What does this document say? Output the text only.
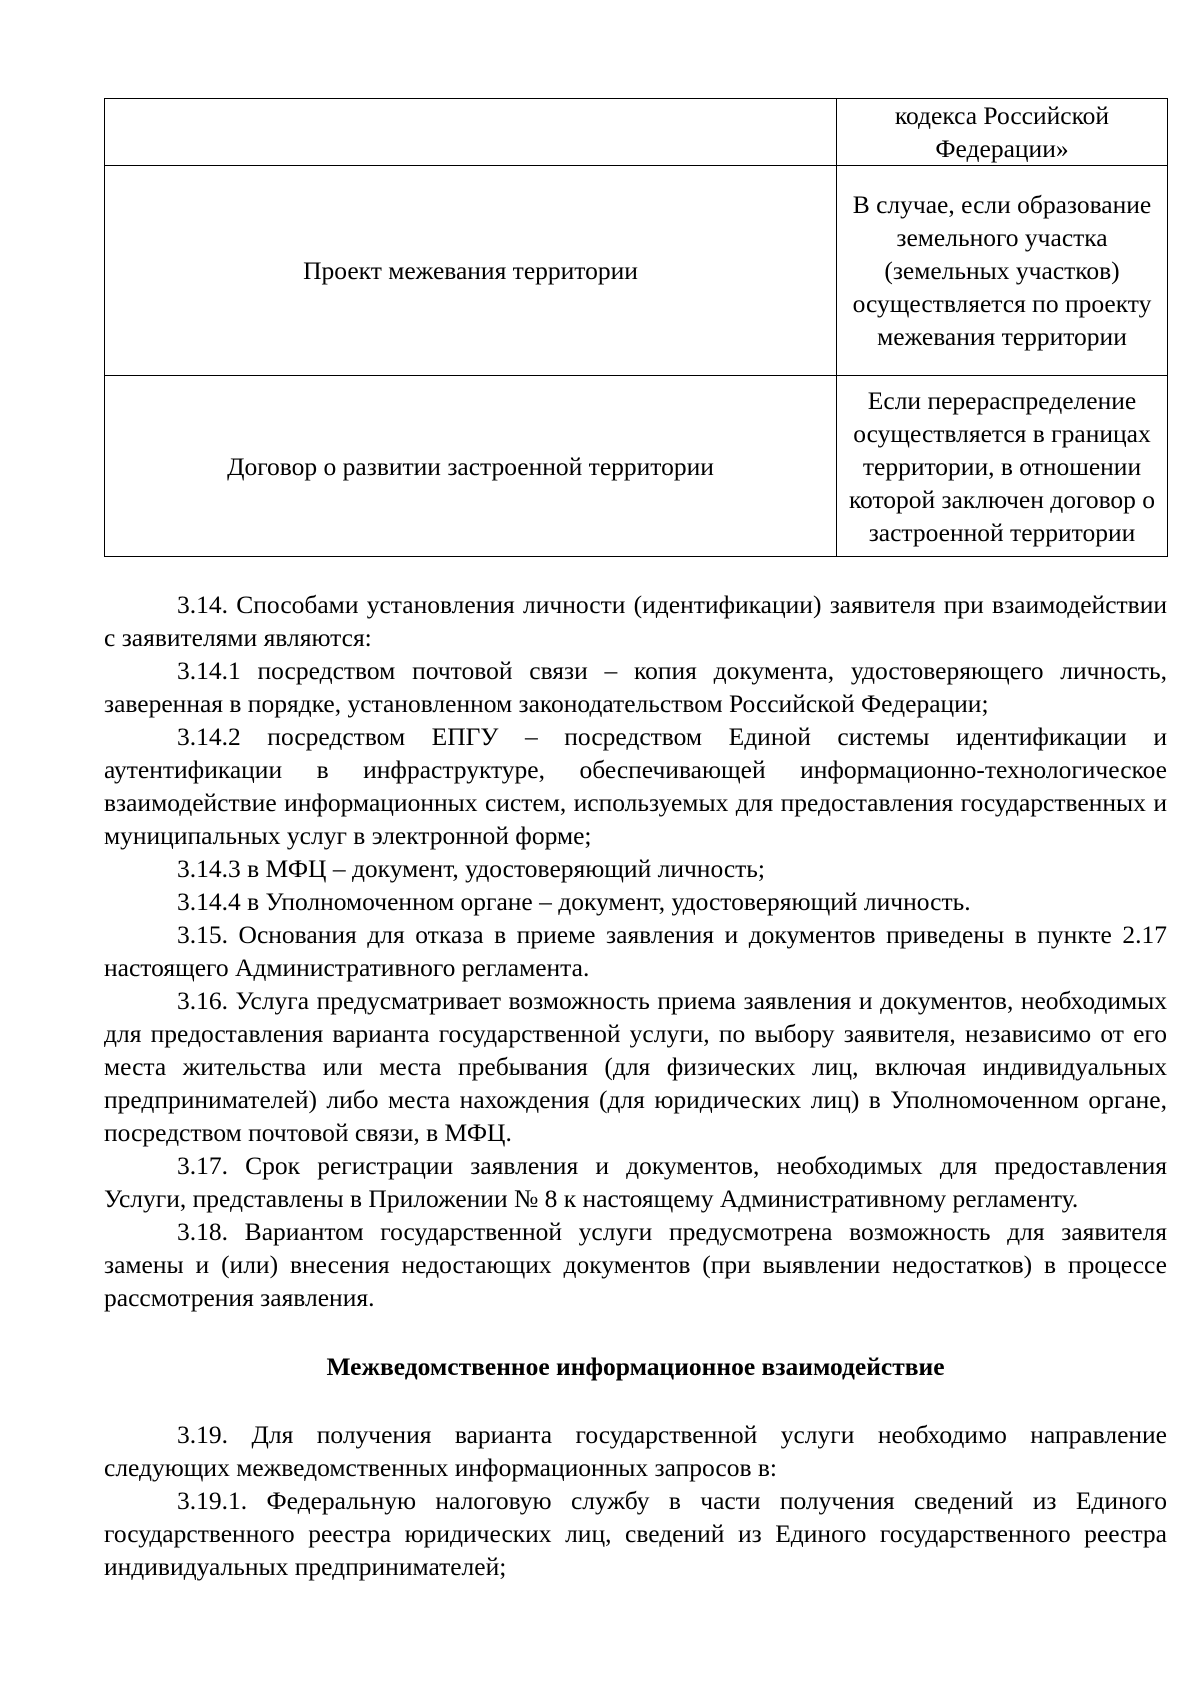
	кодекса Российской Федерации»
Проект межевания территории	В случае, если образование земельного участка (земельных участков) осуществляется по проекту межевания территории
Договор о развитии застроенной территории	Если перераспределение осуществляется в границах территории, в отношении которой заключен договор о застроенной территории

3.14. Способами установления личности (идентификации) заявителя при взаимодействии с заявителями являются:

3.14.1 посредством почтовой связи – копия документа, удостоверяющего личность, заверенная в порядке, установленном законодательством Российской Федерации;

3.14.2 посредством ЕПГУ – посредством Единой системы идентификации и аутентификации в инфраструктуре, обеспечивающей информационно-технологическое взаимодействие информационных систем, используемых для предоставления государственных и муниципальных услуг в электронной форме;

3.14.3 в МФЦ – документ, удостоверяющий личность;

3.14.4 в Уполномоченном органе – документ, удостоверяющий личность.

3.15. Основания для отказа в приеме заявления и документов приведены в пункте 2.17 настоящего Административного регламента.

3.16. Услуга предусматривает возможность приема заявления и документов, необходимых для предоставления варианта государственной услуги, по выбору заявителя, независимо от его места жительства или места пребывания (для физических лиц, включая индивидуальных предпринимателей) либо места нахождения (для юридических лиц) в Уполномоченном органе, посредством почтовой связи, в МФЦ.

3.17. Срок регистрации заявления и документов, необходимых для предоставления Услуги, представлены в Приложении № 8 к настоящему Административному регламенту.

3.18. Вариантом государственной услуги предусмотрена возможность для заявителя замены и (или) внесения недостающих документов (при выявлении недостатков) в процессе рассмотрения заявления.

Межведомственное информационное взаимодействие

3.19. Для получения варианта государственной услуги необходимо направление следующих межведомственных информационных запросов в:

3.19.1. Федеральную налоговую службу в части получения сведений из Единого государственного реестра юридических лиц, сведений из Единого государственного реестра индивидуальных предпринимателей;
